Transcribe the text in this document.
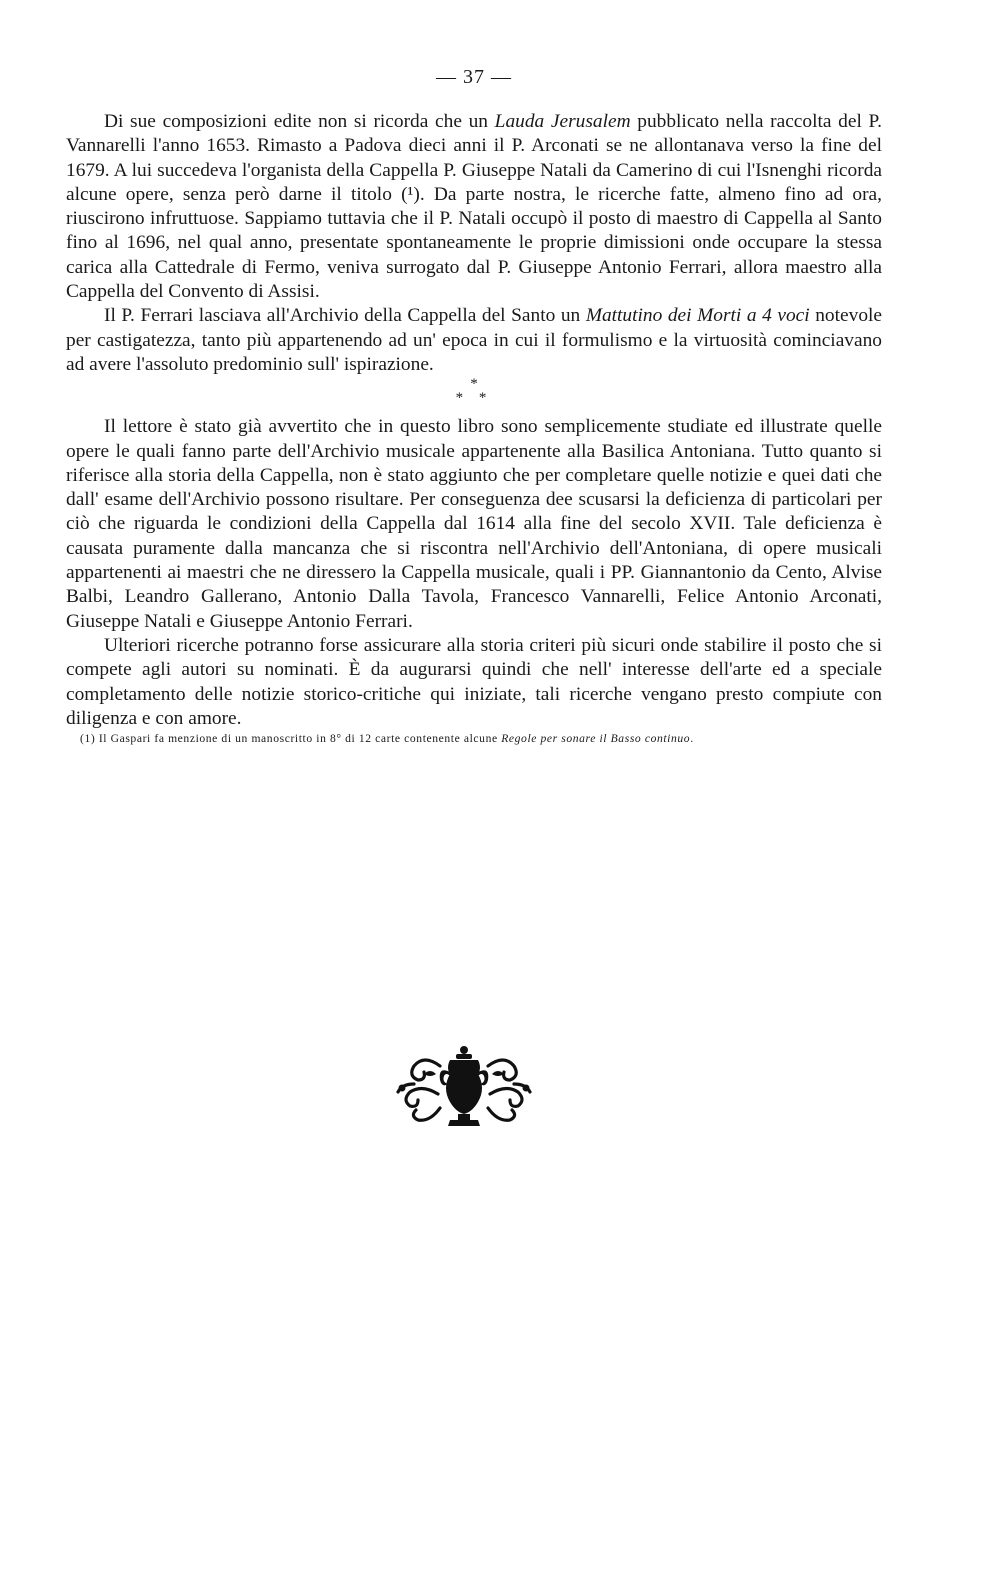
— 37 —

Di sue composizioni edite non si ricorda che un Lauda Jerusalem pubblicato nella raccolta del P. Vannarelli l'anno 1653. Rimasto a Padova dieci anni il P. Arconati se ne allontanava verso la fine del 1679. A lui succedeva l'organista della Cappella P. Giuseppe Natali da Camerino di cui l'Isnenghi ricorda alcune opere, senza però darne il titolo (¹). Da parte nostra, le ricerche fatte, almeno fino ad ora, riuscirono infruttuose. Sappiamo tuttavia che il P. Natali occupò il posto di maestro di Cappella al Santo fino al 1696, nel qual anno, presentate spontaneamente le proprie dimissioni onde occupare la stessa carica alla Cattedrale di Fermo, veniva surrogato dal P. Giuseppe Antonio Ferrari, allora maestro alla Cappella del Convento di Assisi.

Il P. Ferrari lasciava all'Archivio della Cappella del Santo un Mattutino dei Morti a 4 voci notevole per castigatezza, tanto più appartenendo ad un' epoca in cui il formulismo e la virtuosità cominciavano ad avere l'assoluto predominio sull' ispirazione.

*
* *

Il lettore è stato già avvertito che in questo libro sono semplicemente studiate ed illustrate quelle opere le quali fanno parte dell'Archivio musicale appartenente alla Basilica Antoniana. Tutto quanto si riferisce alla storia della Cappella, non è stato aggiunto che per completare quelle notizie e quei dati che dall' esame dell'Archivio possono risultare. Per conseguenza dee scusarsi la deficienza di particolari per ciò che riguarda le condizioni della Cappella dal 1614 alla fine del secolo XVII. Tale deficienza è causata puramente dalla mancanza che si riscontra nell'Archivio dell'Antoniana, di opere musicali appartenenti ai maestri che ne diressero la Cappella musicale, quali i PP. Giannantonio da Cento, Alvise Balbi, Leandro Gallerano, Antonio Dalla Tavola, Francesco Vannarelli, Felice Antonio Arconati, Giuseppe Natali e Giuseppe Antonio Ferrari.

Ulteriori ricerche potranno forse assicurare alla storia criteri più sicuri onde stabilire il posto che si compete agli autori su nominati. È da augurarsi quindi che nell' interesse dell'arte ed a speciale completamento delle notizie storico-critiche qui iniziate, tali ricerche vengano presto compiute con diligenza e con amore.

(1) Il Gaspari fa menzione di un manoscritto in 8° di 12 carte contenente alcune Regole per sonare il Basso continuo.
